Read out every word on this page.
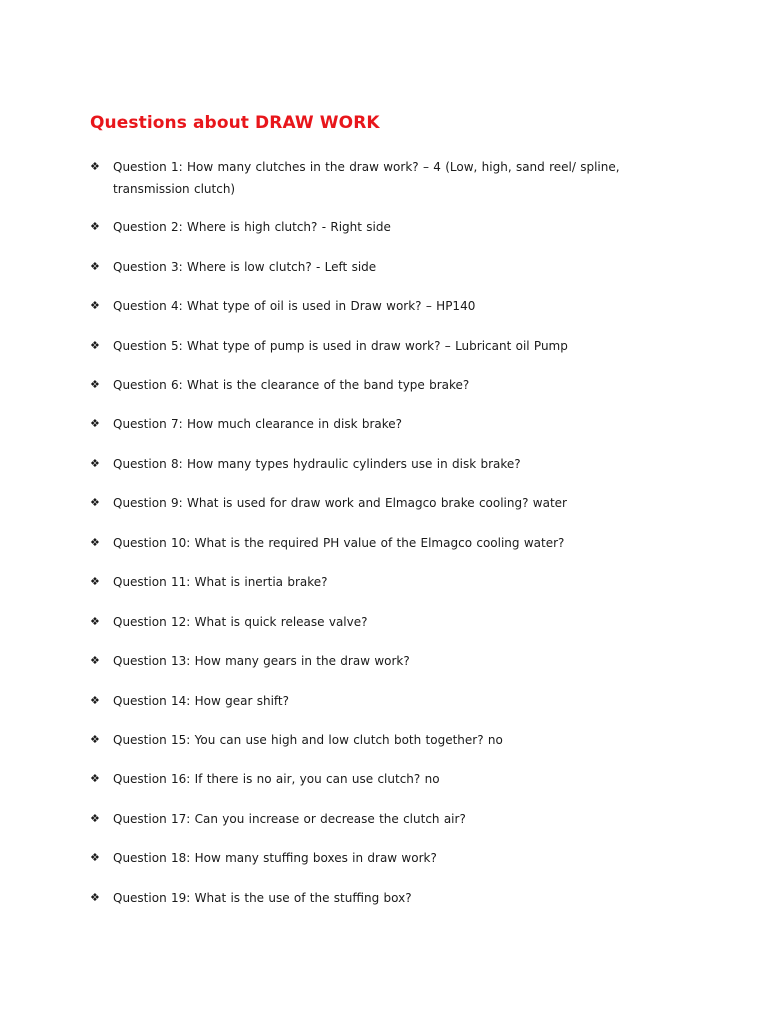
Questions about DRAW WORK
❖ Question 1: How many clutches in the draw work? – 4 (Low, high, sand reel/ spline, transmission clutch)
❖ Question 2: Where is high clutch? - Right side
❖ Question 3: Where is low clutch? - Left side
❖ Question 4: What type of oil is used in Draw work? – HP140
❖ Question 5: What type of pump is used in draw work? – Lubricant oil Pump
❖ Question 6: What is the clearance of the band type brake?
❖ Question 7: How much clearance in disk brake?
❖ Question 8: How many types hydraulic cylinders use in disk brake?
❖ Question 9: What is used for draw work and Elmagco brake cooling? water
❖ Question 10: What is the required PH value of the Elmagco cooling water?
❖ Question 11: What is inertia brake?
❖ Question 12: What is quick release valve?
❖ Question 13: How many gears in the draw work?
❖ Question 14: How gear shift?
❖ Question 15: You can use high and low clutch both together? no
❖ Question 16: If there is no air, you can use clutch? no
❖ Question 17: Can you increase or decrease the clutch air?
❖ Question 18: How many stuffing boxes in draw work?
❖ Question 19: What is the use of the stuffing box?
